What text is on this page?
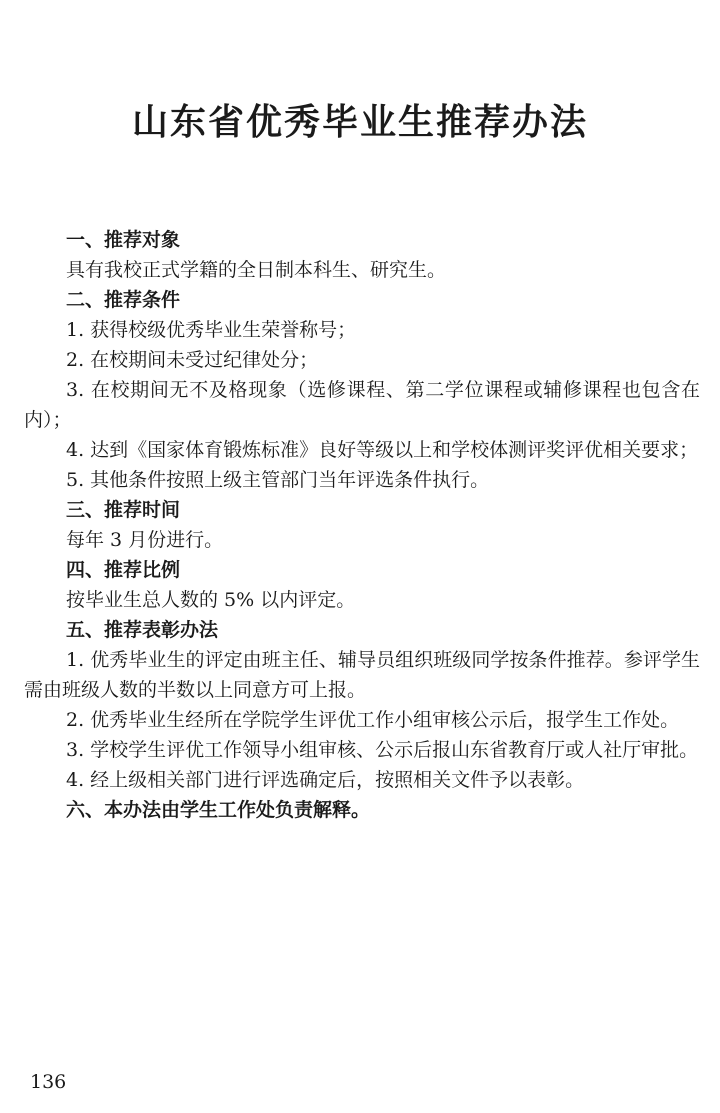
山东省优秀毕业生推荐办法
一、推荐对象

具有我校正式学籍的全日制本科生、研究生。

二、推荐条件

1. 获得校级优秀毕业生荣誉称号；

2. 在校期间未受过纪律处分；

3. 在校期间无不及格现象（选修课程、第二学位课程或辅修课程也包含在内）；

4. 达到《国家体育锻炼标准》良好等级以上和学校体测评奖评优相关要求；

5. 其他条件按照上级主管部门当年评选条件执行。

三、推荐时间

每年 3 月份进行。

四、推荐比例

按毕业生总人数的 5% 以内评定。

五、推荐表彰办法

1. 优秀毕业生的评定由班主任、辅导员组织班级同学按条件推荐。参评学生需由班级人数的半数以上同意方可上报。

2. 优秀毕业生经所在学院学生评优工作小组审核公示后，报学生工作处。

3. 学校学生评优工作领导小组审核、公示后报山东省教育厅或人社厅审批。

4. 经上级相关部门进行评选确定后，按照相关文件予以表彰。

六、本办法由学生工作处负责解释。
136
